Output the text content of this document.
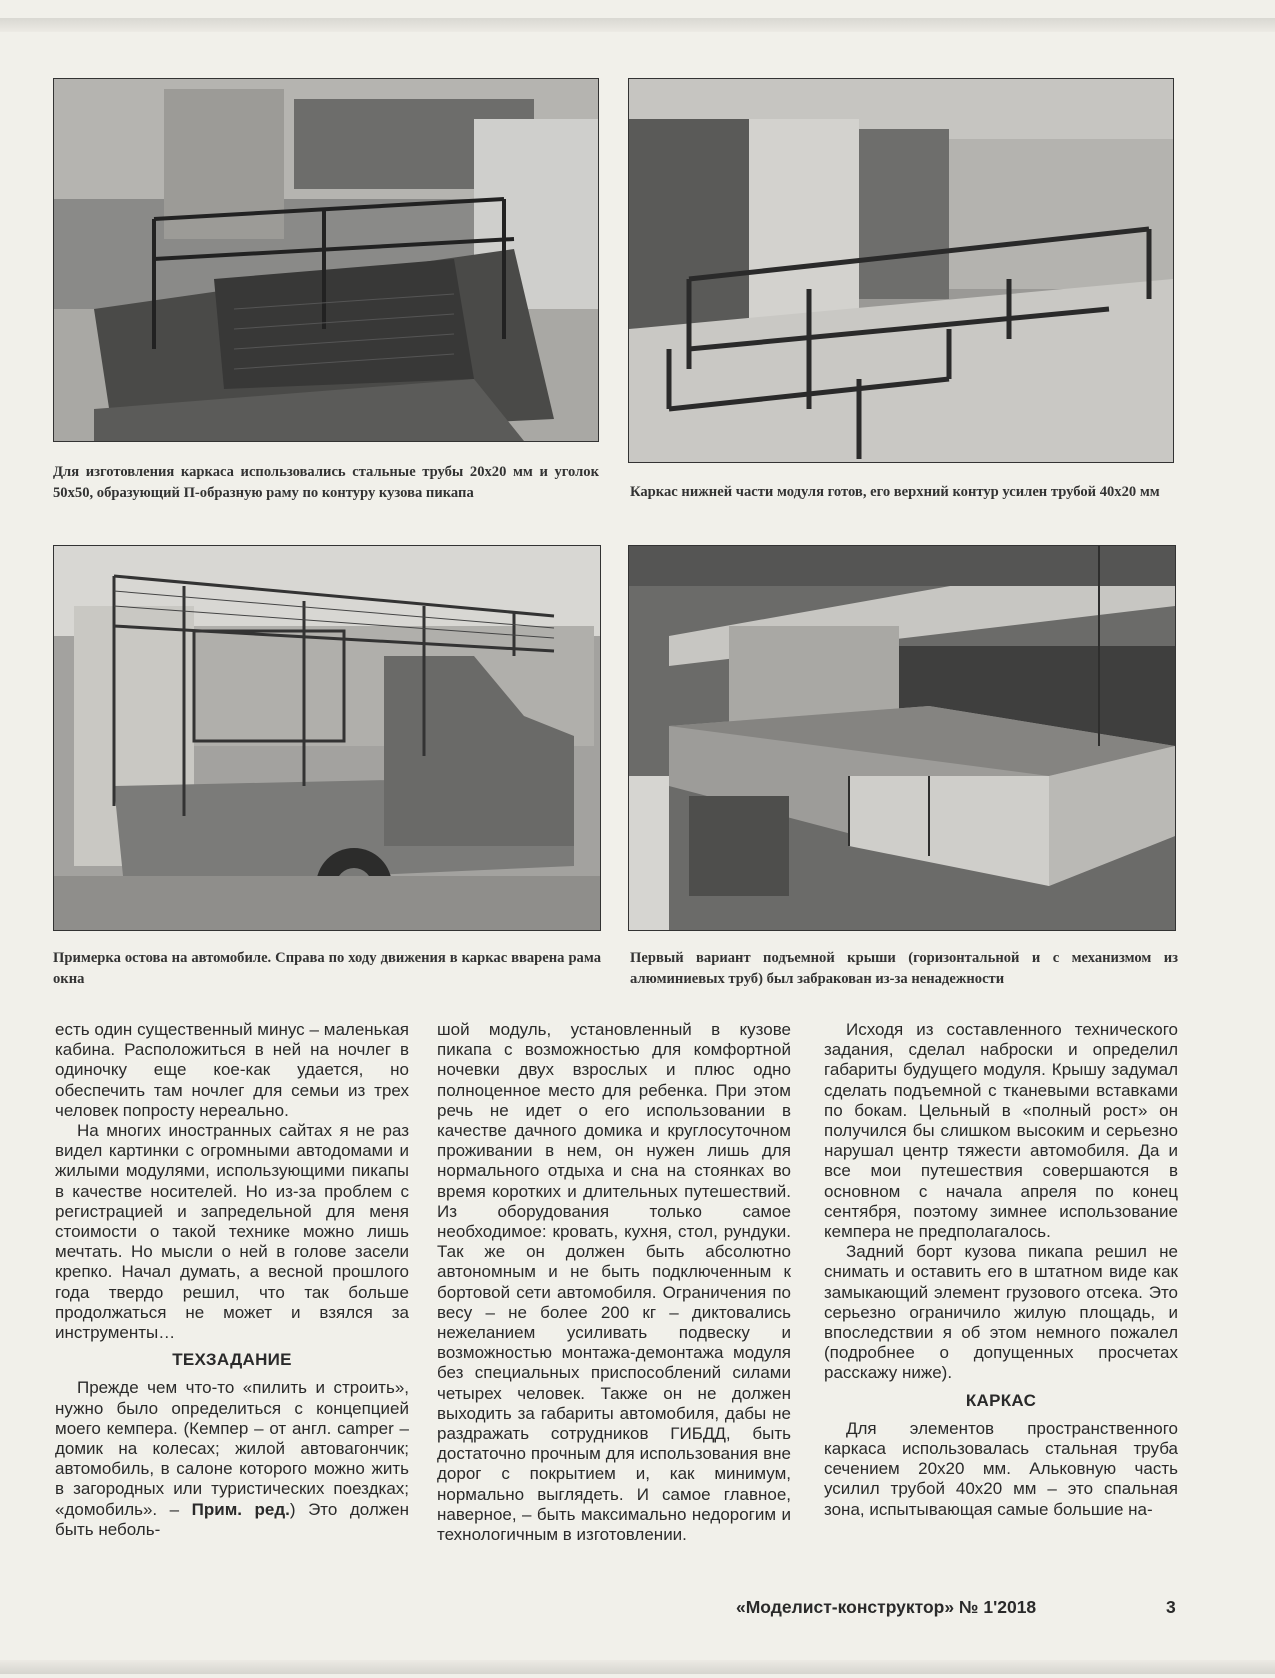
Для изготовления каркаса использовались стальные трубы 20х20 мм и уголок 50х50, образующий П-образную раму по контуру кузова пикапа	Каркас нижней части модуля готов, его верхний контур усилен трубой 40х20 мм
Примерка остова на автомобиле. Справа по ходу движения в каркас вварена рама окна
Первый вариант подъемной крыши (горизонтальной и с механизмом из алюминиевых труб) был забракован из-за ненадежности

есть один существенный минус – маленькая кабина. Расположиться в ней на ночлег в одиночку еще кое-как удается, но обеспечить там ночлег для семьи из трех человек попросту нереально.

На многих иностранных сайтах я не раз видел картинки с огромными автодомами и жилыми модулями, использующими пикапы в качестве носителей. Но из-за проблем с регистрацией и запредельной для меня стоимости о такой технике можно лишь мечтать. Но мысли о ней в голове засели крепко. Начал думать, а весной прошлого года твердо решил, что так больше продолжаться не может и взялся за инструменты…

ТЕХЗАДАНИЕ

Прежде чем что-то «пилить и строить», нужно было определиться с концепцией моего кемпера. (Кемпер – от англ. camper – домик на колесах; жилой автовагончик; автомобиль, в салоне которого можно жить в загородных или туристических поездках; «домобиль». – Прим. ред.) Это должен быть неболь-

шой модуль, установленный в кузове пикапа с возможностью для комфортной ночевки двух взрослых и плюс одно полноценное место для ребенка. При этом речь не идет о его использовании в качестве дачного домика и круглосуточном проживании в нем, он нужен лишь для нормального отдыха и сна на стоянках во время коротких и длительных путешествий. Из оборудования только самое необходимое: кровать, кухня, стол, рундуки. Так же он должен быть абсолютно автономным и не быть подключенным к бортовой сети автомобиля. Ограничения по весу – не более 200 кг – диктовались нежеланием усиливать подвеску и возможностью монтажа-демонтажа модуля без специальных приспособлений силами четырех человек. Также он не должен выходить за габариты автомобиля, дабы не раздражать сотрудников ГИБДД, быть достаточно прочным для использования вне дорог с покрытием и, как минимум, нормально выглядеть. И самое главное, наверное, – быть максимально недорогим и технологичным в изготовлении.

Исходя из составленного технического задания, сделал наброски и определил габариты будущего модуля. Крышу задумал сделать подъемной с тканевыми вставками по бокам. Цельный в «полный рост» он получился бы слишком высоким и серьезно нарушал центр тяжести автомобиля. Да и все мои путешествия совершаются в основном с начала апреля по конец сентября, поэтому зимнее использование кемпера не предполагалось.

Задний борт кузова пикапа решил не снимать и оставить его в штатном виде как замыкающий элемент грузового отсека. Это серьезно ограничило жилую площадь, и впоследствии я об этом немного пожалел (подробнее о допущенных просчетах расскажу ниже).

КАРКАС

Для элементов пространственного каркаса использовалась стальная труба сечением 20х20 мм. Альковную часть усилил трубой 40х20 мм – это спальная зона, испытывающая самые большие на-

«Моделист-конструктор» № 1'2018	3
